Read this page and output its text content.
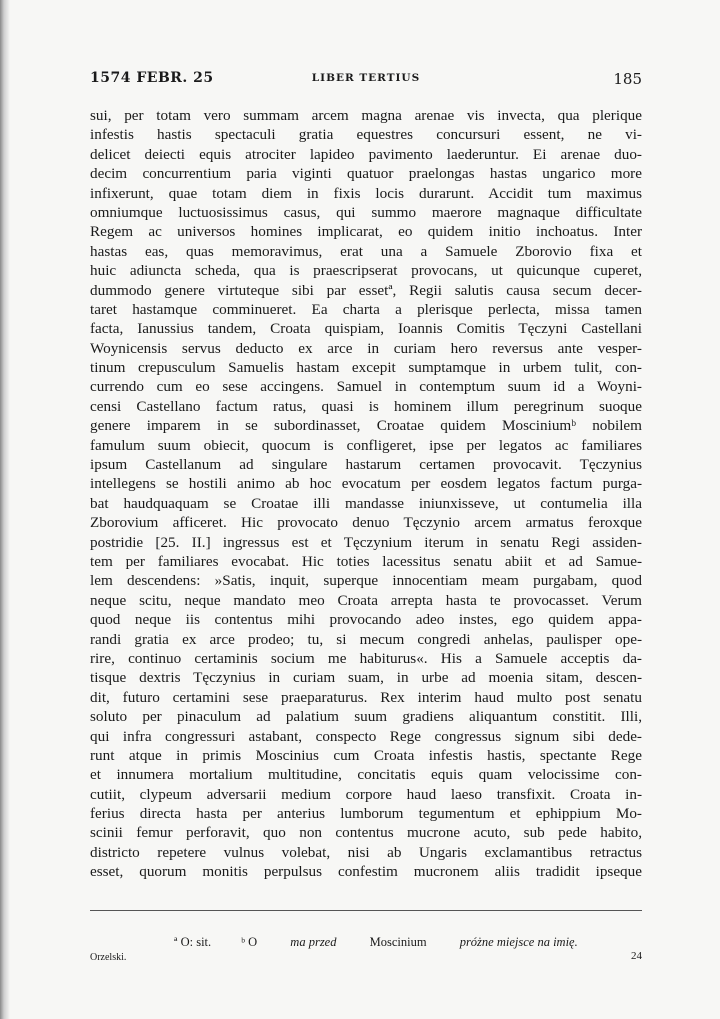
1574 FEBR. 25	LIBER TERTIUS	185
sui, per totam vero summam arcem magna arenae vis invecta, qua plerique
infestis hastis spectaculi gratia equestres concursuri essent, ne vi-
delicet deiecti equis atrociter lapideo pavimento laederuntur. Ei arenae duo-
decim concurrentium paria viginti quatuor praelongas hastas ungarico more
infixerunt, quae totam diem in fixis locis durarunt. Accidit tum maximus
omniumque luctuosissimus casus, qui summo maerore magnaque difficultate
Regem ac universos homines implicarat, eo quidem initio inchoatus. Inter
hastas eas, quas memoravimus, erat una a Samuele Zborovio fixa et
huic adiuncta scheda, qua is praescripserat provocans, ut quicunque cuperet,
dummodo genere virtuteque sibi par essetª, Regii salutis causa secum decer-
taret hastamque comminueret. Ea charta a plerisque perlecta, missa tamen
facta, Ianussius tandem, Croata quispiam, Ioannis Comitis Tęczyni Castellani
Woynicensis servus deducto ex arce in curiam hero reversus ante vesper-
tinum crepusculum Samuelis hastam excepit sumptamque in urbem tulit, con-
currendo cum eo sese accingens. Samuel in contemptum suum id a Woyni-
censi Castellano factum ratus, quasi is hominem illum peregrinum suoque
genere imparem in se subordinasset, Croatae quidem Mosciniumᵇ nobilem
famulum suum obiecit, quocum is confligeret, ipse per legatos ac familiares
ipsum Castellanum ad singulare hastarum certamen provocavit. Tęczynius
intellegens se hostili animo ab hoc evocatum per eosdem legatos factum purga-
bat haudquaquam se Croatae illi mandasse iniunxisseve, ut contumelia illa
Zborovium afficeret. Hic provocato denuo Tęczynio arcem armatus feroxque
postridie [25. II.] ingressus est et Tęczynium iterum in senatu Regi assiden-
tem per familiares evocabat. Hic toties lacessitus senatu abiit et ad Samue-
lem descendens: »Satis, inquit, superque innocentiam meam purgabam, quod
neque scitu, neque mandato meo Croata arrepta hasta te provocasset. Verum
quod neque iis contentus mihi provocando adeo instes, ego quidem appa-
randi gratia ex arce prodeo; tu, si mecum congredi anhelas, paulisper ope-
rire, continuo certaminis socium me habiturus«. His a Samuele acceptis da-
tisque dextris Tęczynius in curiam suam, in urbe ad moenia sitam, descen-
dit, futuro certamini sese praeparaturus. Rex interim haud multo post senatu
soluto per pinaculum ad palatium suum gradiens aliquantum constitit. Illi,
qui infra congressuri astabant, conspecto Rege congressus signum sibi dede-
runt atque in primis Moscinius cum Croata infestis hastis, spectante Rege
et innumera mortalium multitudine, concitatis equis quam velocissime con-
cutiit, clypeum adversarii medium corpore haud laeso transfixit. Croata in-
ferius directa hasta per anterius lumborum tegumentum et ephippium Mo-
scinii femur perforavit, quo non contentus mucrone acuto, sub pede habito,
districto repetere vulnus volebat, nisi ab Ungaris exclamantibus retractus
esset, quorum monitis perpulsus confestim mucronem aliis tradidit ipseque
ª O: sit. ᵇ O ma przed Moscinium próżne miejsce na imię.
Orzelski.	24
